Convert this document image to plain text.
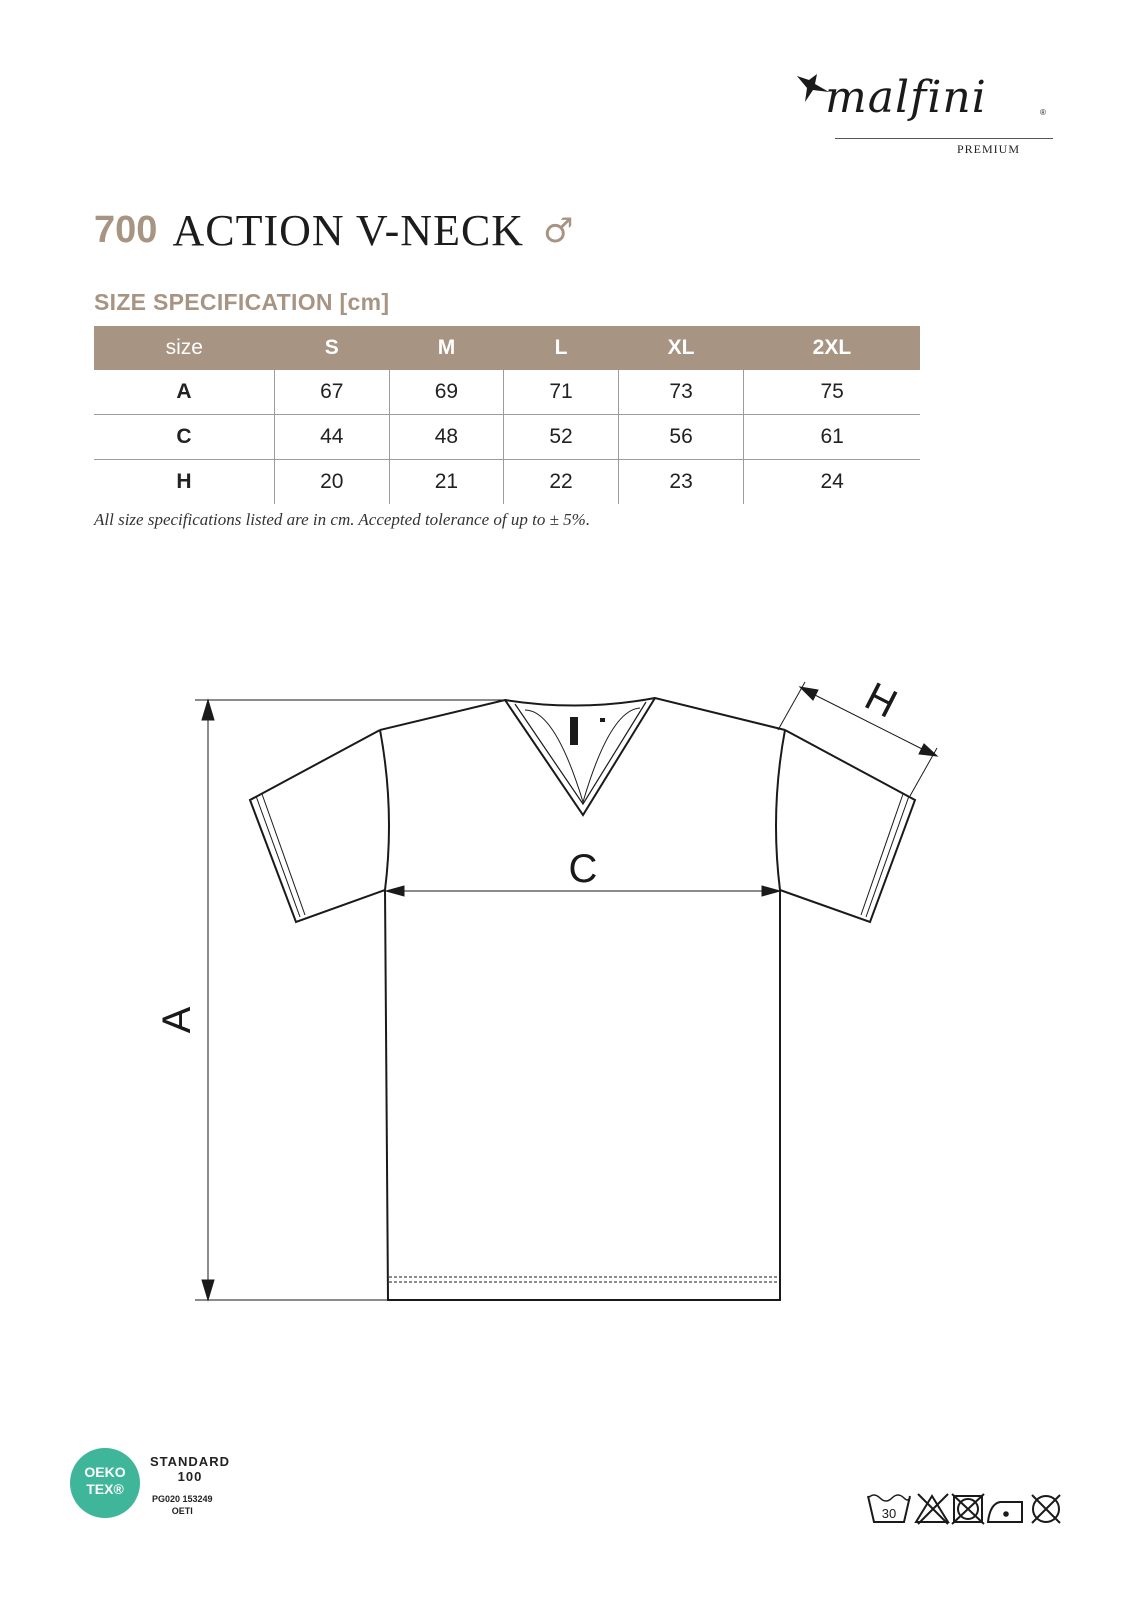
malfini	®
PREMIUM
700 ACTION V-NECK ♂
SIZE SPECIFICATION [cm]
size	S	M	L	XL	2XL
A	67	69	71	73	75
C	44	48	52	56	61
H	20	21	22	23	24
All size specifications listed are in cm. Accepted tolerance of up to ± 5%.
A
C
H
OEKO
TEX®
STANDARD
100
PG020 153249
OETI	30
